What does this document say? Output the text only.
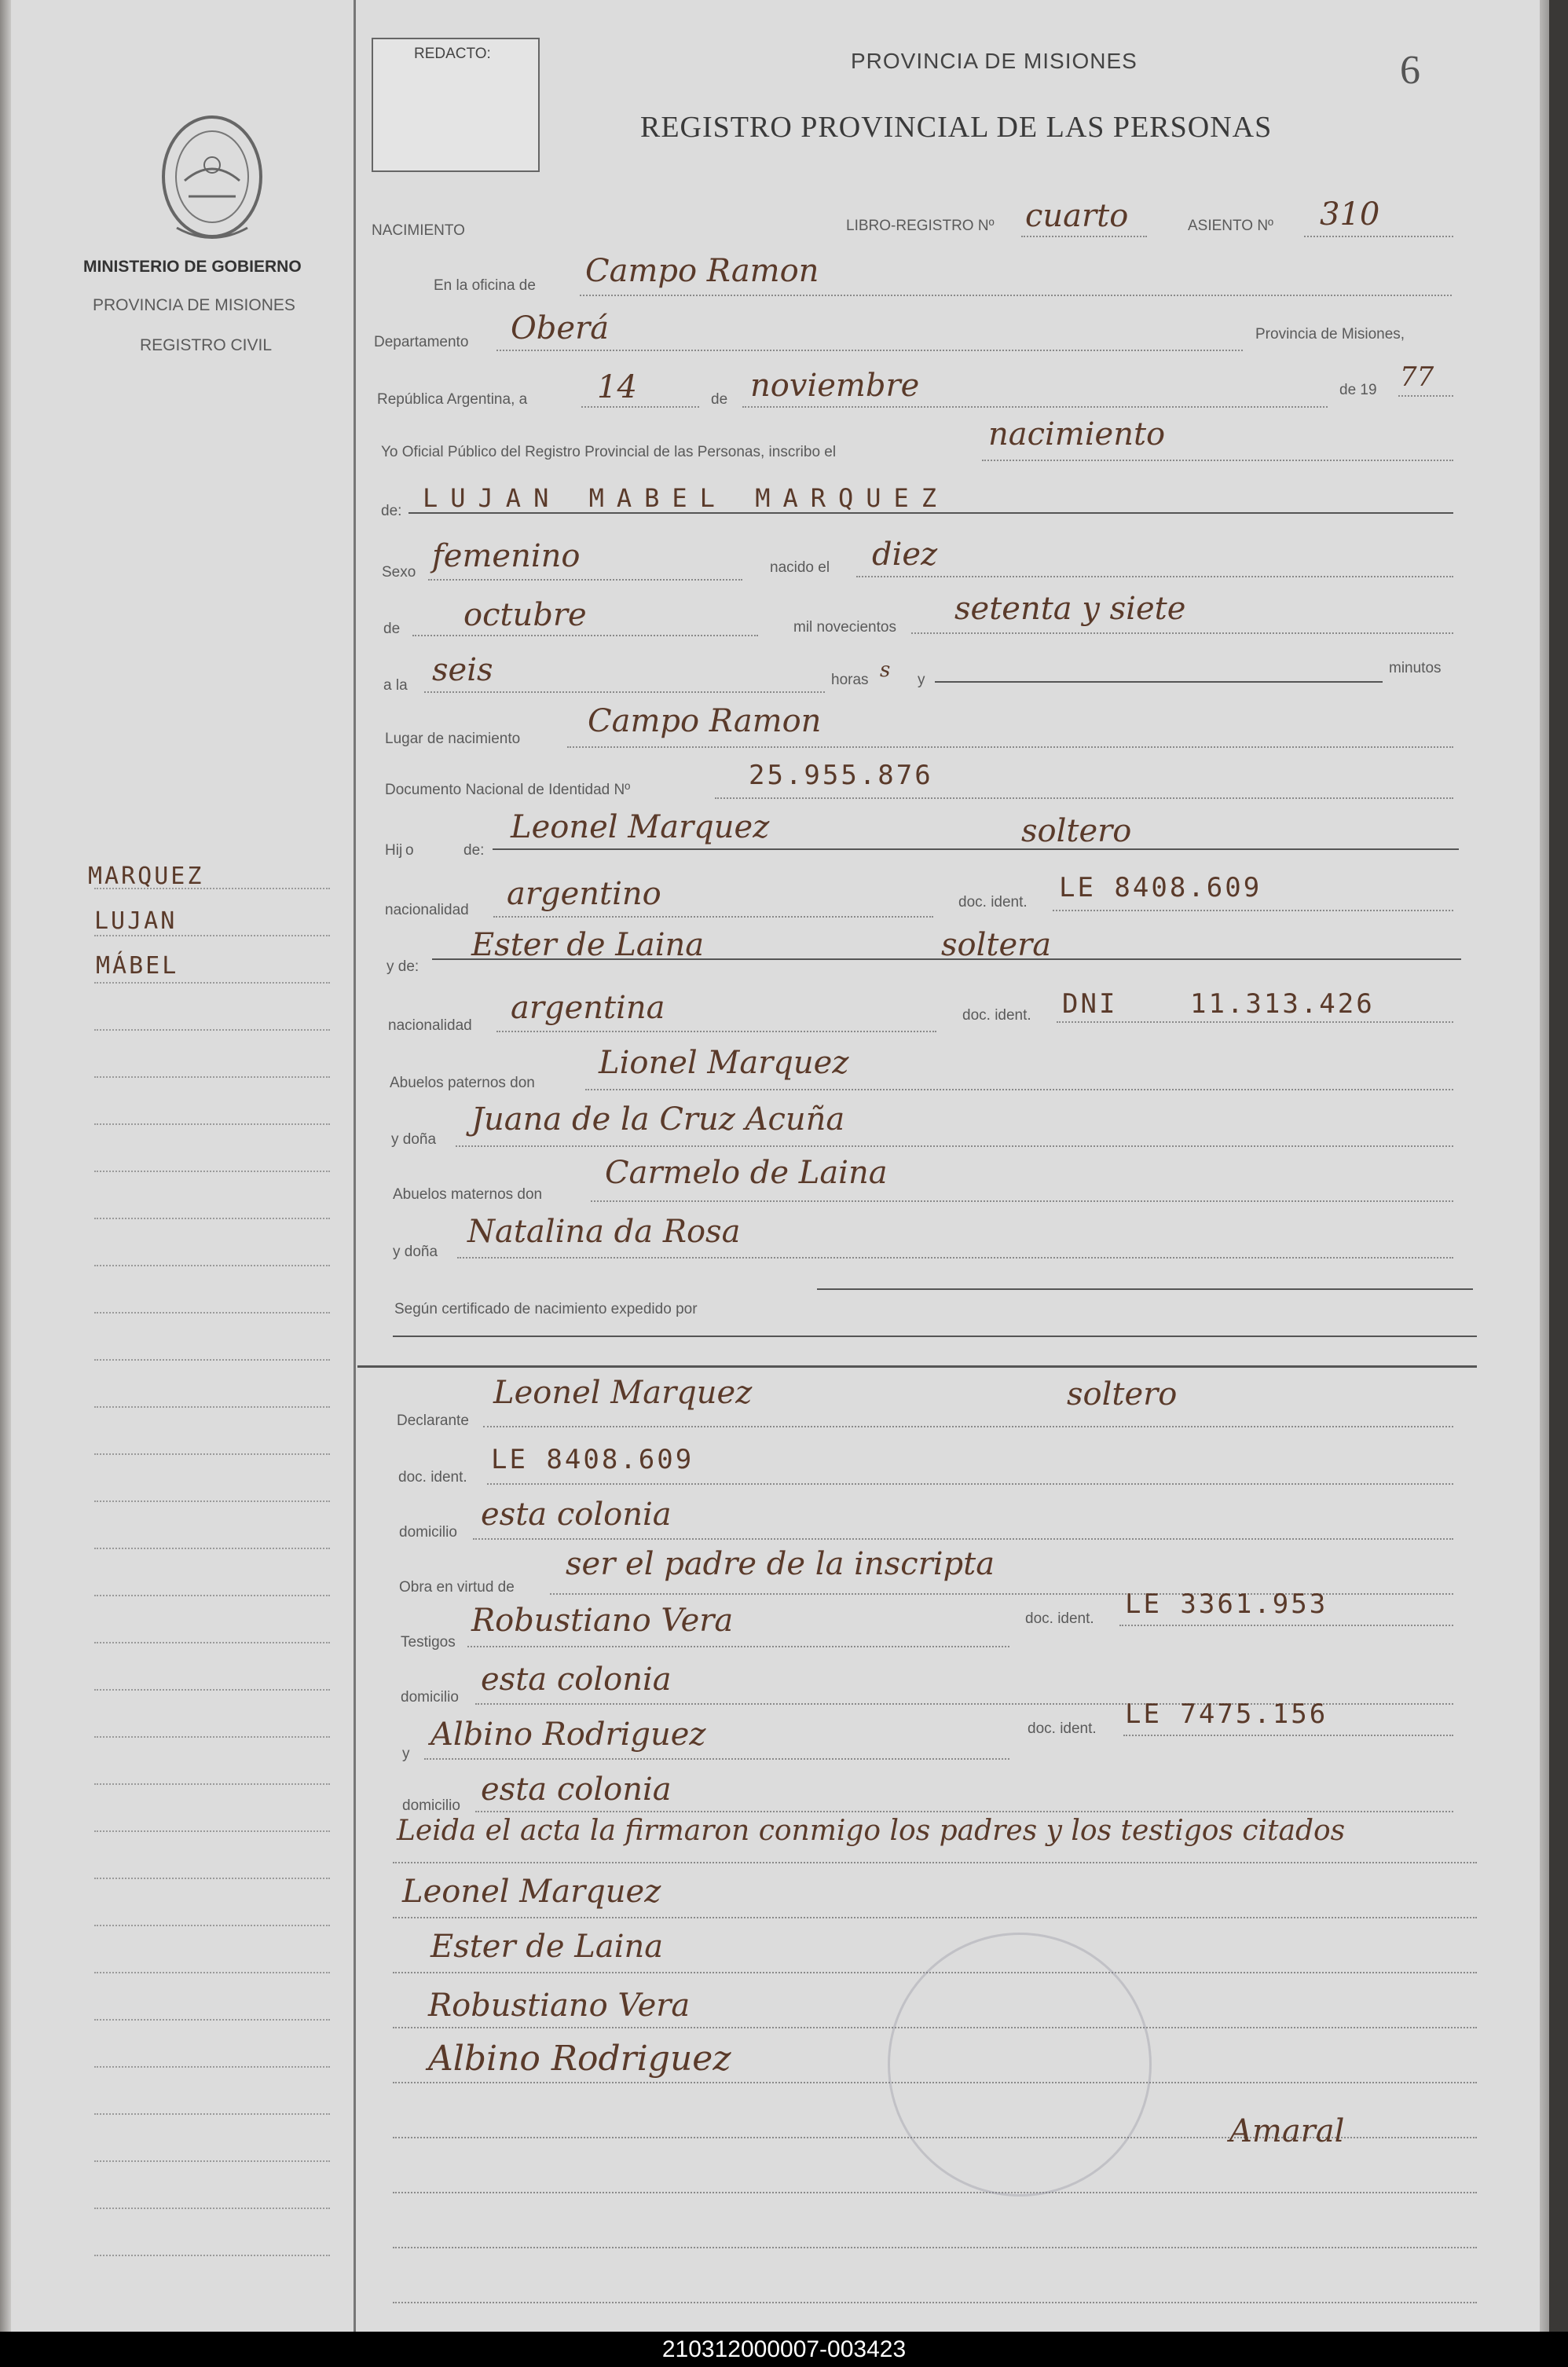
MINISTERIO DE GOBIERNO
PROVINCIA DE MISIONES
REGISTRO CIVIL
MARQUEZ
LUJAN
MÁBEL
REDACTO:	PROVINCIA DE MISIONES
REGISTRO PROVINCIAL DE LAS PERSONAS
6
NACIMIENTO	LIBRO-REGISTRO Nº cuarto	ASIENTO Nº 310
En la oficina de Campo Ramon
Departamento Oberá	Provincia de Misiones,
República Argentina, a 14	de noviembre	de 19 77
Yo Oficial Público del Registro Provincial de las Personas, inscribo el	nacimiento
de: LUJAN MABEL MARQUEZ
Sexo femenino	nacido el diez
de octubre	mil novecientos
setenta y siete
a la seis	horas s y
minutos
Lugar de nacimiento Campo Ramon
Documento Nacional de Identidad Nº	25.955.876
Hij o	de:
Leonel Marquez	soltero
nacionalidad argentino	doc. ident. LE 8408.609
y de:
Ester de Laina	soltera
nacionalidad argentina	doc. ident. DNI	11.313.426
Abuelos paternos don
Lionel Marquez
y doña
Juana de la Cruz Acuña
Abuelos maternos don
Carmelo de Laina
y doña
Natalina da Rosa
Según certificado de nacimiento expedido por
Declarante
Leonel Marquez	soltero
doc. ident.
LE 8408.609
domicilio esta colonia
Obra en virtud de
ser el padre de la inscripta
Testigos
Robustiano Vera	doc. ident. LE 3361.953
domicilio esta colonia
y
Albino Rodriguez	doc. ident. LE 7475.156
domicilio esta colonia
Leida el acta la firmaron conmigo los padres y los testigos citados
Leonel Marquez
Ester de Laina
Robustiano Vera
Albino Rodriguez
Amaral
210312000007-003423
